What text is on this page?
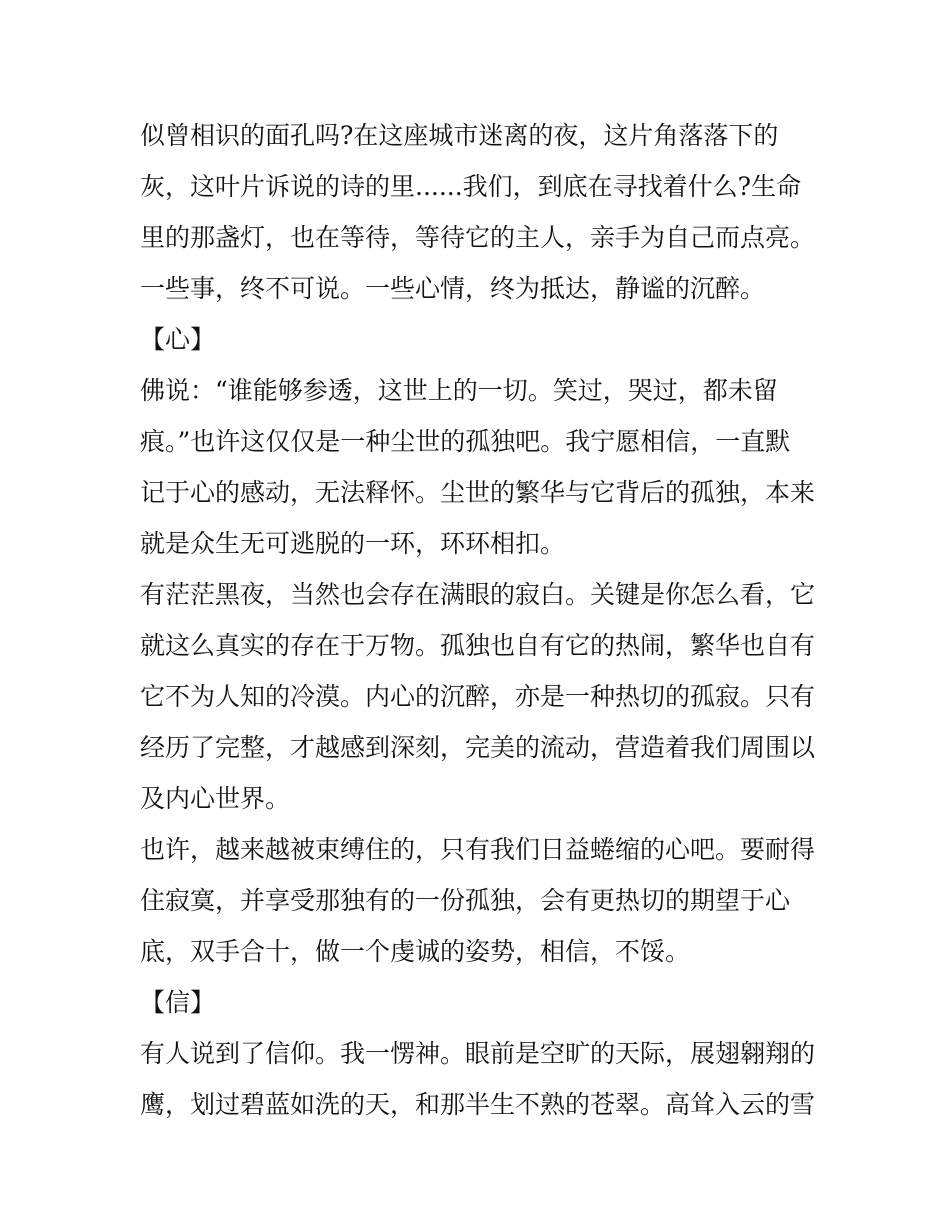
似曾相识的面孔吗?在这座城市迷离的夜，这片角落落下的

灰，这叶片诉说的诗的里......我们，到底在寻找着什么?生命

里的那盏灯，也在等待，等待它的主人，亲手为自己而点亮。

一些事，终不可说。一些心情，终为抵达，静谧的沉醉。

【心】

佛说：“谁能够参透，这世上的一切。笑过，哭过，都未留

痕。”也许这仅仅是一种尘世的孤独吧。我宁愿相信，一直默

记于心的感动，无法释怀。尘世的繁华与它背后的孤独，本来

就是众生无可逃脱的一环，环环相扣。

有茫茫黑夜，当然也会存在满眼的寂白。关键是你怎么看，它

就这么真实的存在于万物。孤独也自有它的热闹，繁华也自有

它不为人知的冷漠。内心的沉醉，亦是一种热切的孤寂。只有

经历了完整，才越感到深刻，完美的流动，营造着我们周围以

及内心世界。

也许，越来越被束缚住的，只有我们日益蜷缩的心吧。要耐得

住寂寞，并享受那独有的一份孤独，会有更热切的期望于心

底，双手合十，做一个虔诚的姿势，相信，不馁。

【信】

有人说到了信仰。我一愣神。眼前是空旷的天际，展翅翱翔的

鹰，划过碧蓝如洗的天，和那半生不熟的苍翠。高耸入云的雪
